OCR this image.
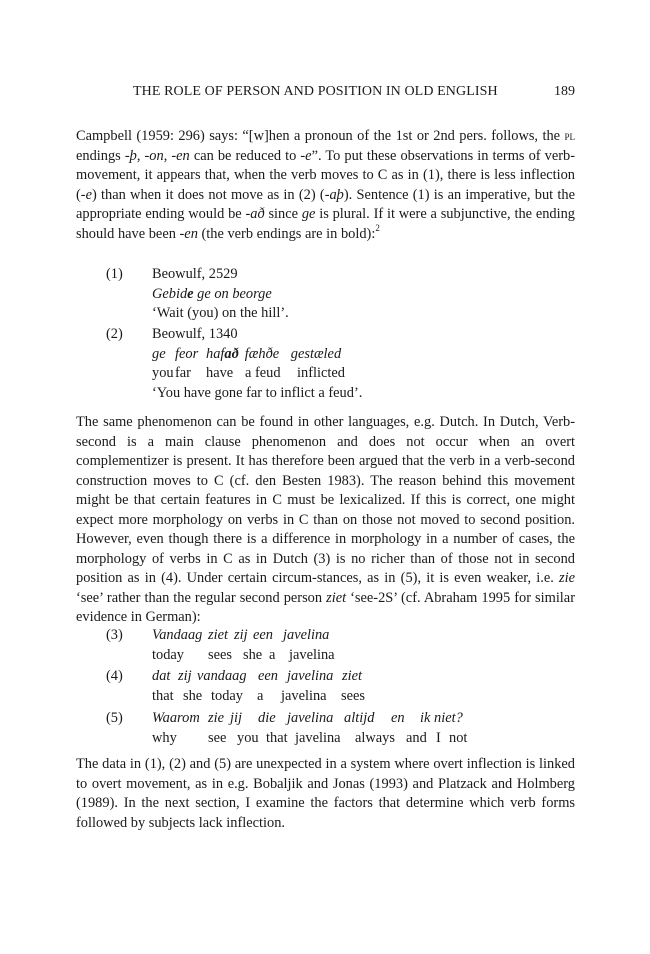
THE ROLE OF PERSON AND POSITION IN OLD ENGLISH	189

Campbell (1959: 296) says: “[w]hen a pronoun of the 1st or 2nd pers. follows, the pl endings -þ, -on, -en can be reduced to -e”. To put these observations in terms of verb-movement, it appears that, when the verb moves to C as in (1), there is less inflection (-e) than when it does not move as in (2) (-aþ). Sentence (1) is an imperative, but the appropriate ending would be -að since ge is plural. If it were a subjunctive, the ending should have been -en (the verb endings are in bold):$^2$

(1) Beowulf, 2529
Gebide ge on beorge
‘Wait (you) on the hill’.
(2) Beowulf, 1340
ge feor hafað fæhðe gestæled
youfar have a feud inflicted
‘You have gone far to inflict a feud’.

The same phenomenon can be found in other languages, e.g. Dutch. In Dutch, Verb-second is a main clause phenomenon and does not occur when an overt complementizer is present. It has therefore been argued that the verb in a verb-second construction moves to C (cf. den Besten 1983). The reason behind this movement might be that certain features in C must be lexicalized. If this is correct, one might expect more morphology on verbs in C than on those not moved to second position. However, even though there is a difference in morphology in a number of cases, the morphology of verbs in C as in Dutch (3) is no richer than of those not in second position as in (4). Under certain circum-stances, as in (5), it is even weaker, i.e. zie ‘see’ rather than the regular second person ziet ‘see-2S’ (cf. Abraham 1995 for similar evidence in German):

(3) Vandaag ziet zij een javelina
today sees she a javelina
(4) dat zij vandaag een javelina ziet
that she today a javelina sees
(5) Waarom zie jij die javelina altijd en ik niet?
why see you that javelina always and I not

The data in (1), (2) and (5) are unexpected in a system where overt inflection is linked to overt movement, as in e.g. Bobaljik and Jonas (1993) and Platzack and Holmberg (1989). In the next section, I examine the factors that determine which verb forms followed by subjects lack inflection.
